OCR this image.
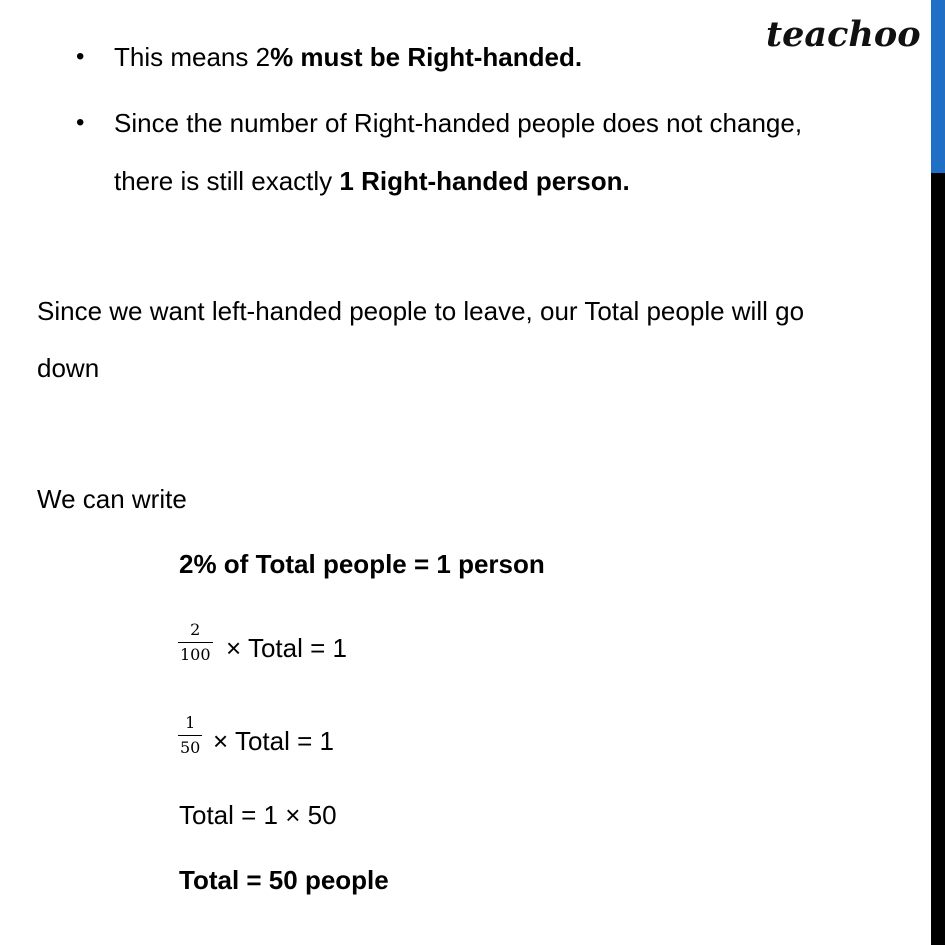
teachoo
• This means 2% must be Right-handed.
• Since the number of Right-handed people does not change,
there is still exactly 1 Right-handed person.
Since we want left-handed people to leave, our Total people will go
down
We can write
2% of Total people = 1 person
$\frac{2}{100}$ × Total = 1
$\frac{1}{50}$ × Total = 1
Total = 1 × 50
Total = 50 people
